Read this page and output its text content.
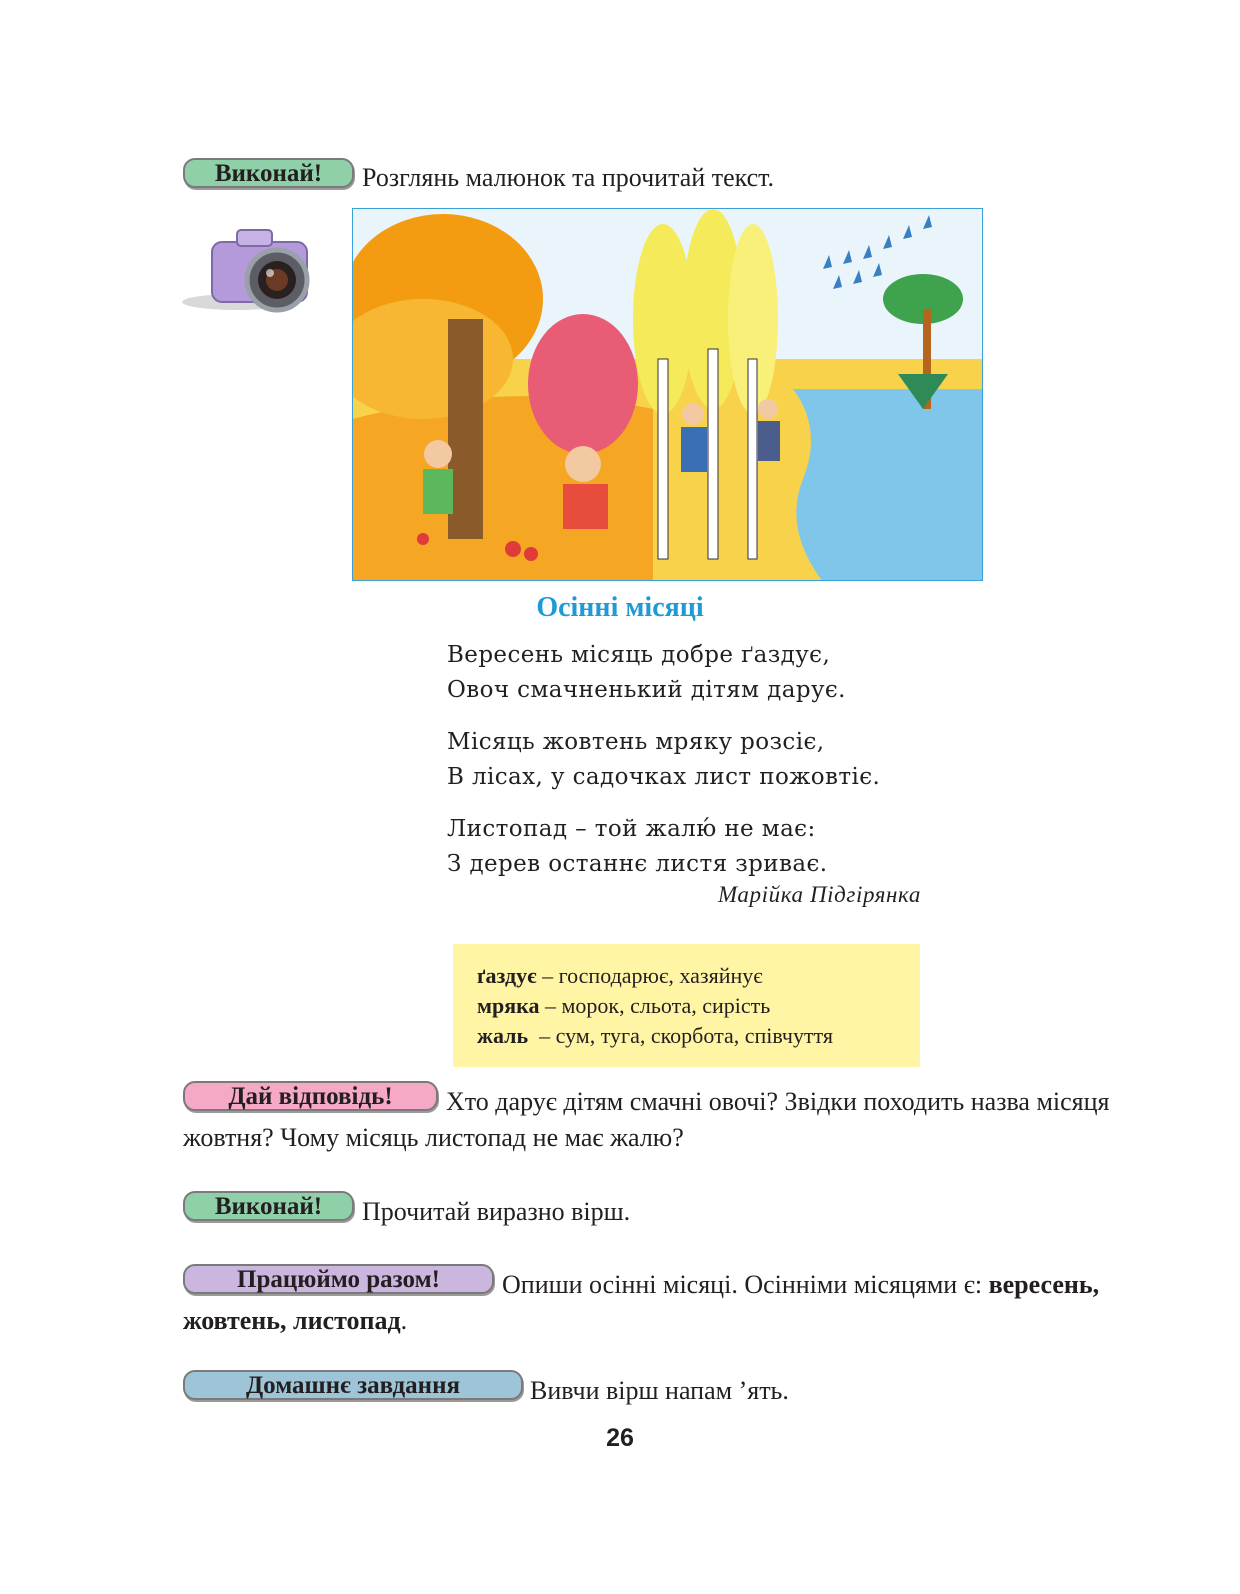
Виконай!	Розглянь малюнок та прочитай текст.
Осінні місяці
Вересень місяць добре ґаздує,
Овоч смачненький дітям дарує.
Місяць жовтень мряку розсіє,
В лісах, у садочках лист пожовтіє.
Листопад – той жалю́ не має:
З дерев останнє листя зриває.
Марійка Підгірянка
ґаздує – господарює, хазяйнує
мряка – морок, сльота, сирість
жаль  – сум, туга, скорбота, співчуття
Дай відповідь!	Хто дарує дітям смачні овочі? Звідки походить назва місяця
жовтня? Чому місяць листопад не має жалю?
Виконай!	Прочитай виразно вірш.
Працюймо разом!	Опиши осінні місяці. Осінніми місяцями є: вересень,
жовтень, листопад.
Домашнє завдання	Вивчи вірш напам ’ять.
26
